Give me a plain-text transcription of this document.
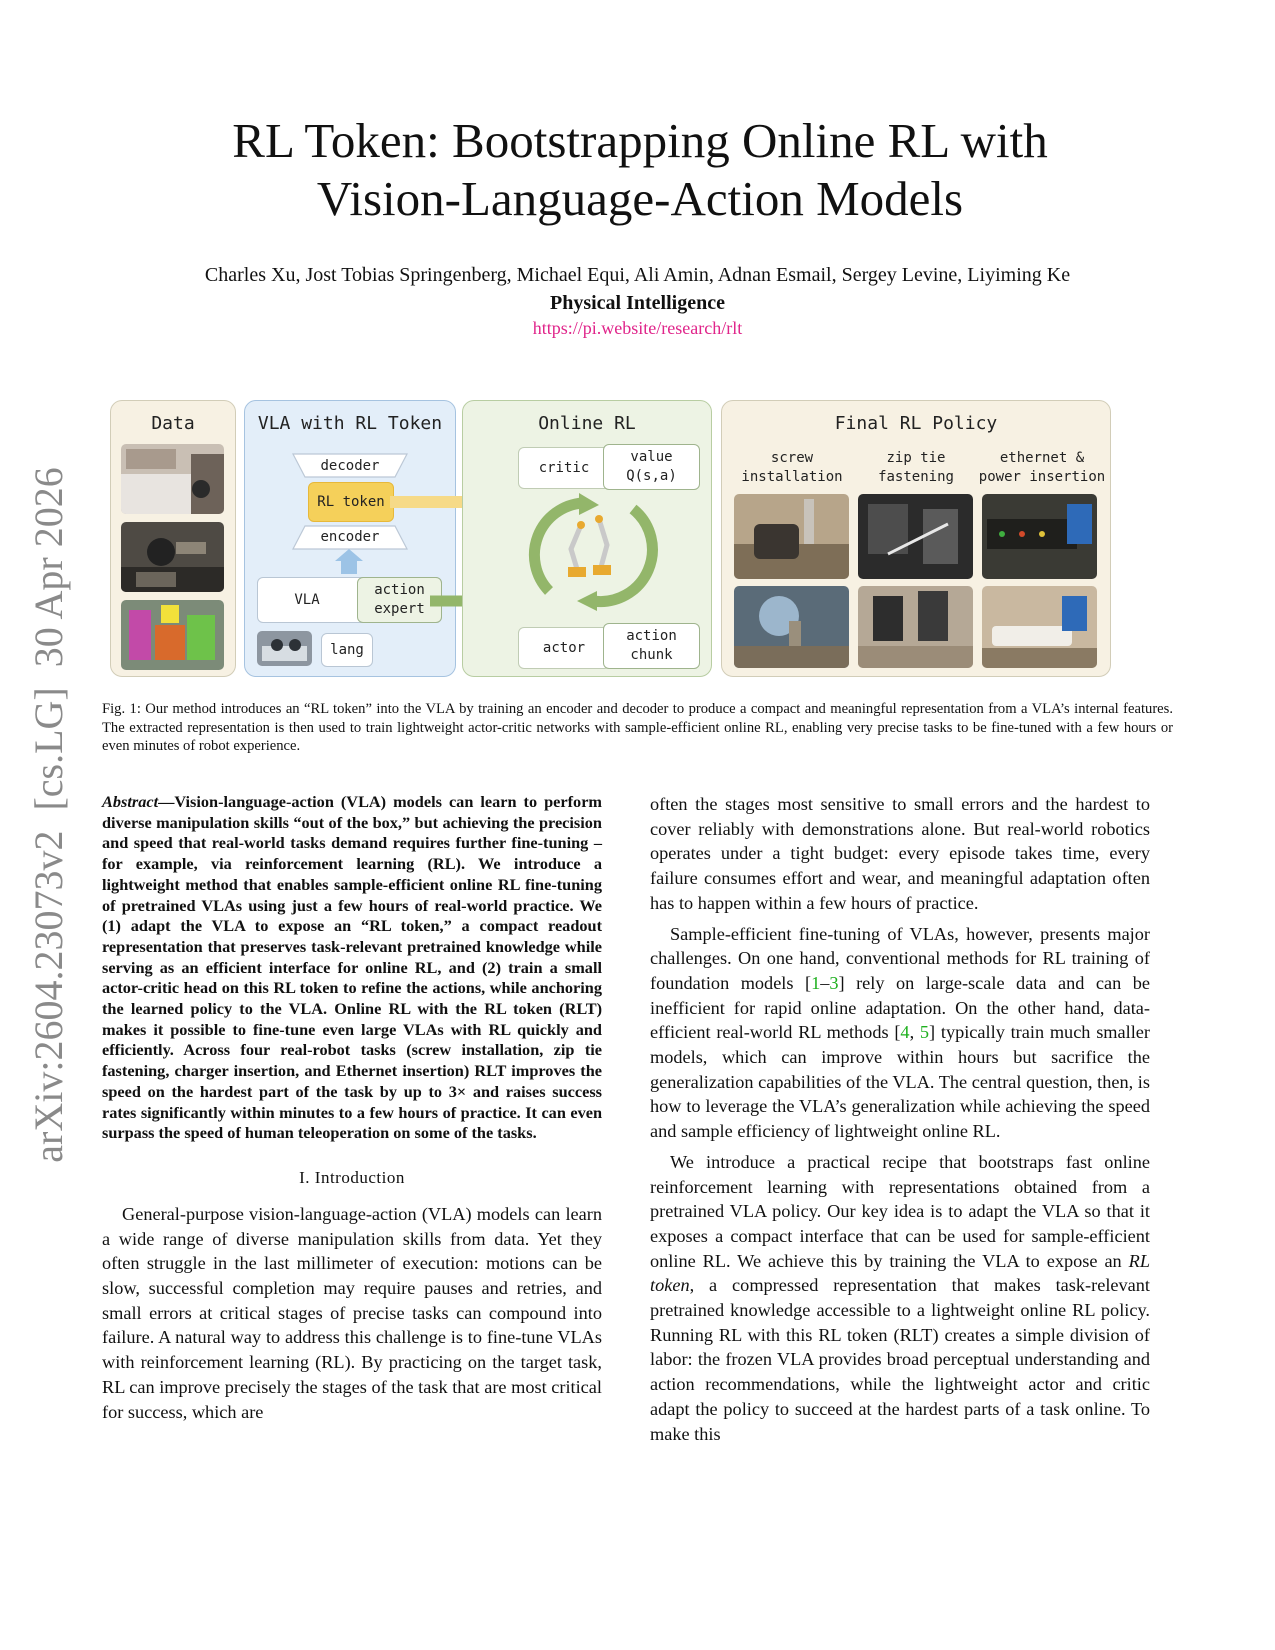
arXiv:2604.23073v2  [cs.LG]  30 Apr 2026
RL Token: Bootstrapping Online RL with
Vision-Language-Action Models
Charles Xu, Jost Tobias Springenberg, Michael Equi, Ali Amin, Adnan Esmail, Sergey Levine, Liyiming Ke
Physical Intelligence
https://pi.website/research/rlt
Data	VLA with RL Token
decoder
RL token
encoder
VLA
action
expert
lang
Online RL
critic
value
Q(s,a)
actor
action
chunk
Final RL Policy
screw
installation
zip tie
fastening
ethernet &
power insertion
Fig. 1: Our method introduces an “RL token” into the VLA by training an encoder and decoder to produce a compact and meaningful representation from a VLA’s internal features. The extracted representation is then used to train lightweight actor-critic networks with sample-efficient online RL, enabling very precise tasks to be fine-tuned with a few hours or even minutes of robot experience.

Abstract—Vision-language-action (VLA) models can learn to perform diverse manipulation skills “out of the box,” but achieving the precision and speed that real-world tasks demand requires further fine-tuning – for example, via reinforcement learning (RL). We introduce a lightweight method that enables sample-efficient online RL fine-tuning of pretrained VLAs using just a few hours of real-world practice. We (1) adapt the VLA to expose an “RL token,” a compact readout representation that preserves task-relevant pretrained knowledge while serving as an efficient interface for online RL, and (2) train a small actor-critic head on this RL token to refine the actions, while anchoring the learned policy to the VLA. Online RL with the RL token (RLT) makes it possible to fine-tune even large VLAs with RL quickly and efficiently. Across four real-robot tasks (screw installation, zip tie fastening, charger insertion, and Ethernet insertion) RLT improves the speed on the hardest part of the task by up to 3× and raises success rates significantly within minutes to a few hours of practice. It can even surpass the speed of human teleoperation on some of the tasks.

I. Introduction

General-purpose vision-language-action (VLA) models can learn a wide range of diverse manipulation skills from data. Yet they often struggle in the last millimeter of execution: motions can be slow, successful completion may require pauses and retries, and small errors at critical stages of precise tasks can compound into failure. A natural way to address this challenge is to fine-tune VLAs with reinforcement learning (RL). By practicing on the target task, RL can improve precisely the stages of the task that are most critical for success, which are

often the stages most sensitive to small errors and the hardest to cover reliably with demonstrations alone. But real-world robotics operates under a tight budget: every episode takes time, every failure consumes effort and wear, and meaningful adaptation often has to happen within a few hours of practice.

Sample-efficient fine-tuning of VLAs, however, presents major challenges. On one hand, conventional methods for RL training of foundation models [1–3] rely on large-scale data and can be inefficient for rapid online adaptation. On the other hand, data-efficient real-world RL methods [4, 5] typically train much smaller models, which can improve within hours but sacrifice the generalization capabilities of the VLA. The central question, then, is how to leverage the VLA’s generalization while achieving the speed and sample efficiency of lightweight online RL.

We introduce a practical recipe that bootstraps fast online reinforcement learning with representations obtained from a pretrained VLA policy. Our key idea is to adapt the VLA so that it exposes a compact interface that can be used for sample-efficient online RL. We achieve this by training the VLA to expose an RL token, a compressed representation that makes task-relevant pretrained knowledge accessible to a lightweight online RL policy. Running RL with this RL token (RLT) creates a simple division of labor: the frozen VLA provides broad perceptual understanding and action recommendations, while the lightweight actor and critic adapt the policy to succeed at the hardest parts of a task online. To make this
